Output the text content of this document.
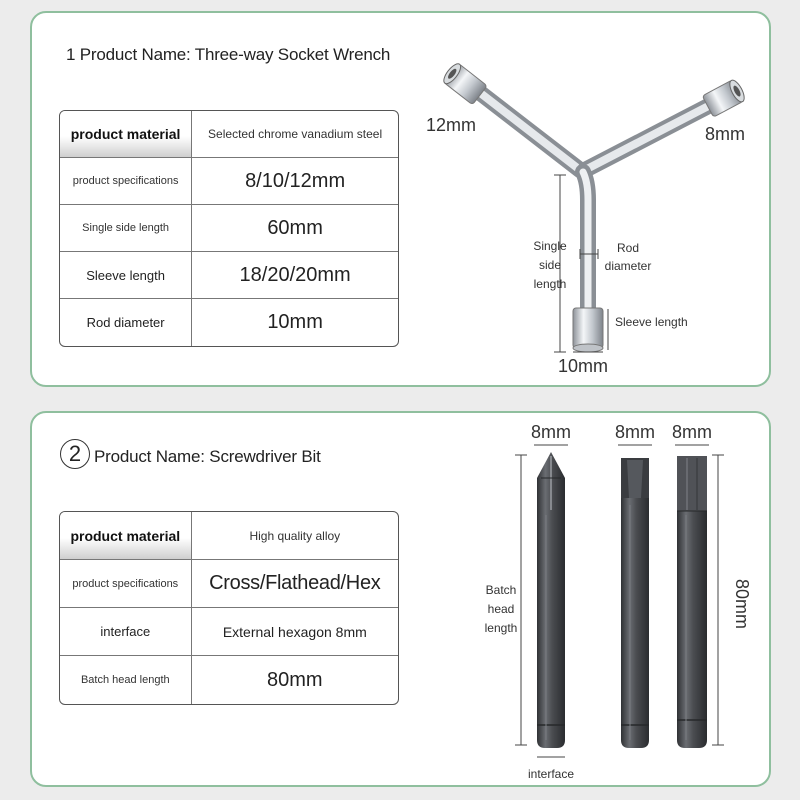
1 Product Name: Three-way Socket Wrench
product material	Selected chrome vanadium steel
product specifications	8/10/12mm
Single side length	60mm
Sleeve length	18/20/20mm
Rod diameter	10mm
2 Product Name: Screwdriver Bit
product material	High quality alloy
product specifications	Cross/Flathead/Hex
interface	External hexagon 8mm
Batch head length	80mm
12mm	8mm
10mm
Single
side
length
Rod
diameter
Sleeve length
8mm 8mm 8mm
Batch
head
length	80mm
interface
